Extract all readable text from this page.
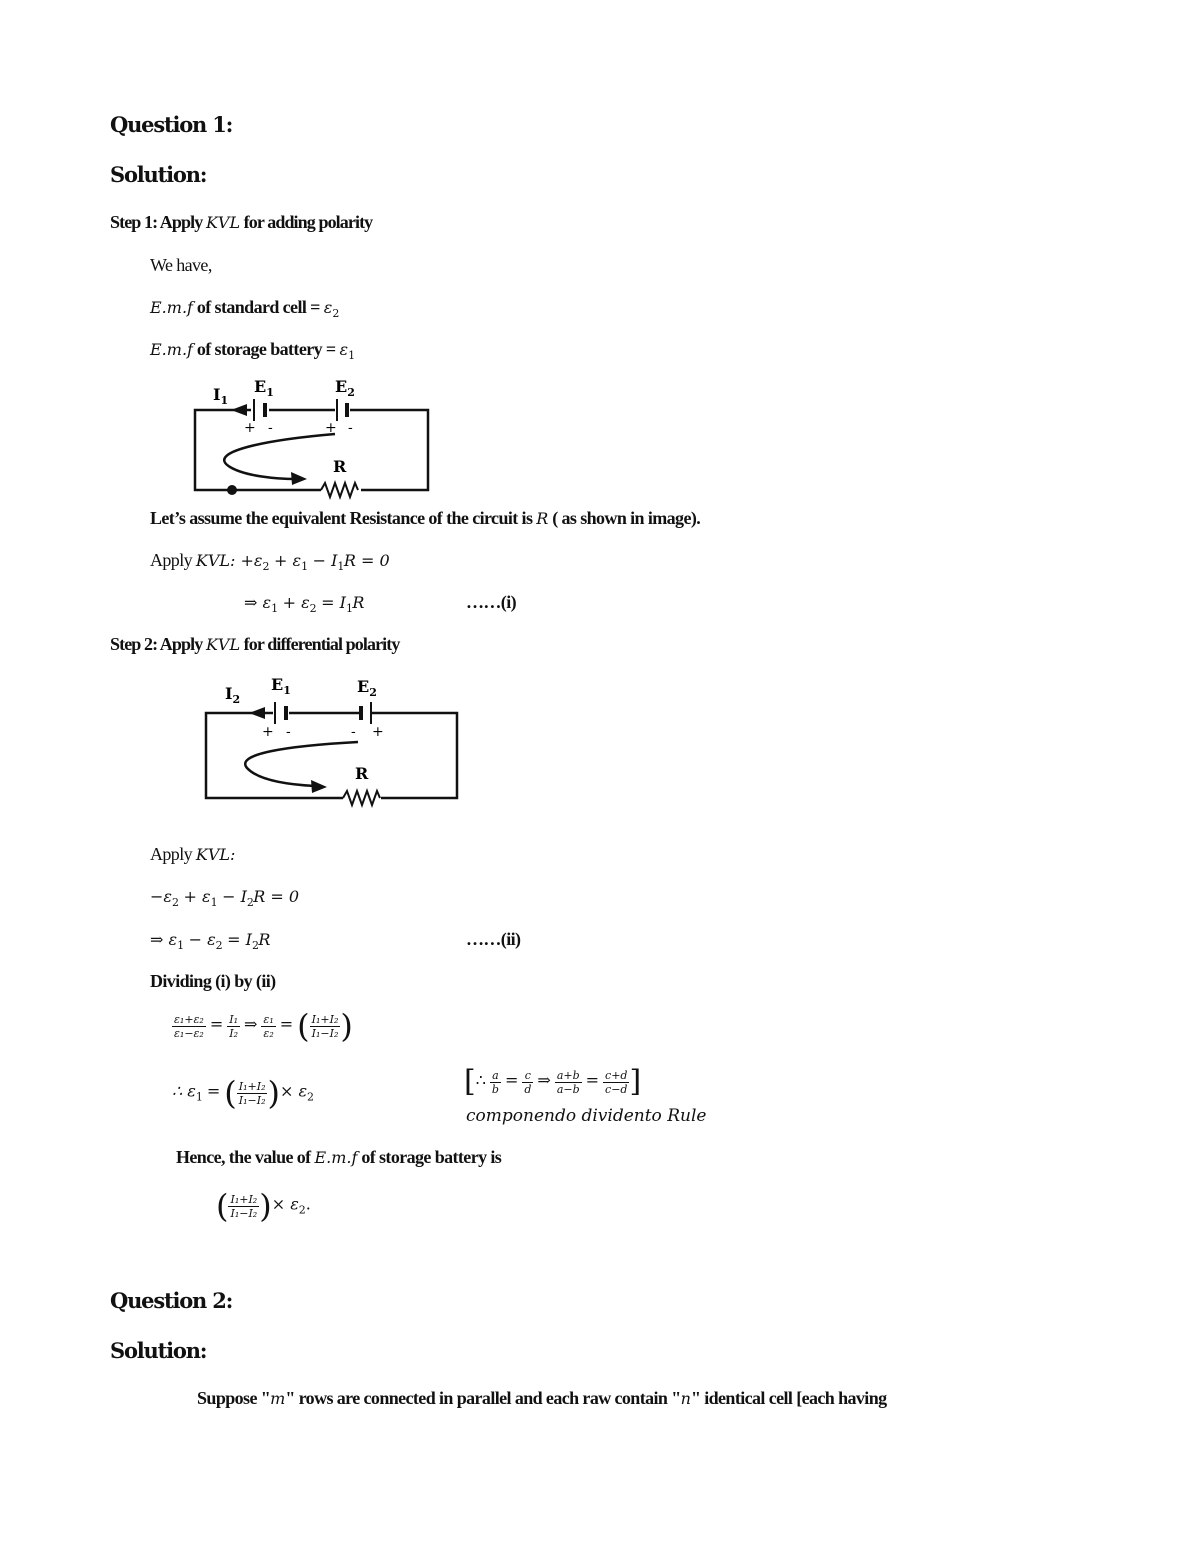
Question 1:
Solution:
Step 1: Apply KVL for adding polarity
We have,
E.m.f of standard cell = $\varepsilon_2$
E.m.f of storage battery = $\varepsilon_1$
$I_1$
$E_1$	$E_2$
+ -	+ -
R
Let’s assume the equivalent Resistance of the circuit is R ( as shown in image).
Apply KVL: $+\varepsilon_2 + \varepsilon_1 - I_1R = 0$
⇒ $\varepsilon_1 + \varepsilon_2 = I_1R$	……(i)
Step 2: Apply KVL for differential polarity
$I_2$
$E_1$	$E_2$
+ -	- +
R
Apply KVL:
$-\varepsilon_2 + \varepsilon_1 - I_2R = 0$
⇒ $\varepsilon_1 - \varepsilon_2 = I_2R$	……(ii)
Dividing (i) by (ii)
$\frac{\text{ε₁+ε₂}}{\text{ε₁−ε₂}} = \frac{\text{I₁}}{\text{I₂}}$ ⇒ $\frac{\text{ε₁}}{\text{ε₂}}$ = ( $\frac{\text{I₁+I₂}}{\text{I₁−I₂}}$ )
∴ $\varepsilon_1$ = ( $\frac{\text{I₁+I₂}}{\text{I₁−I₂}}$ )× $\varepsilon_2$	[∴ $\frac{a}{b} = \frac{c}{d}$ ⇒ $\frac{a+b}{a-b} = \frac{c+d}{c-d}$ ]
componendo dividento Rule
Hence, the value of E.m.f of storage battery is
( $\frac{\text{I₁+I₂}}{\text{I₁−I₂}}$ )× $\varepsilon_2$.
Question 2:
Solution:
Suppose "m" rows are connected in parallel and each raw contain "n" identical cell [each having
